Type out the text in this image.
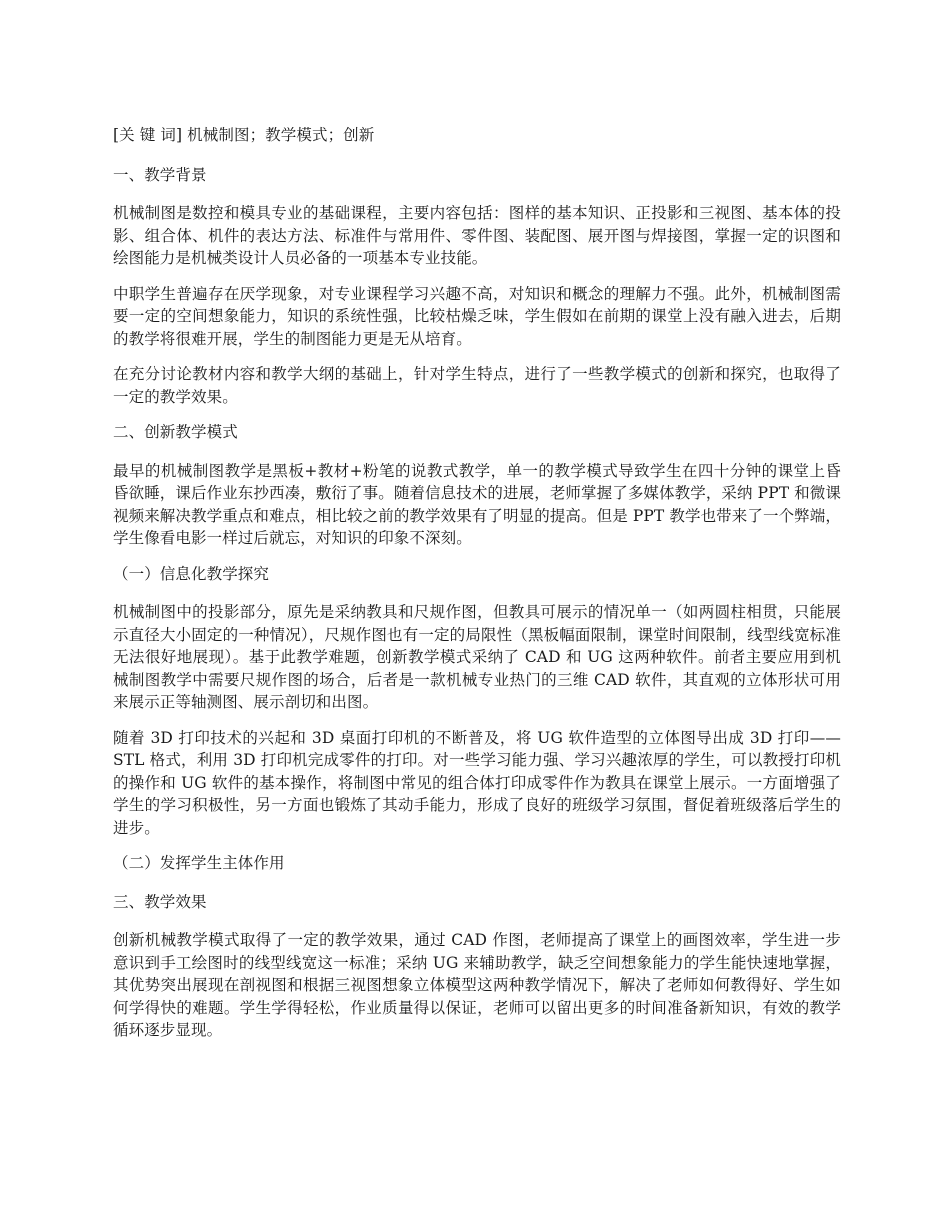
[关 键 词] 机械制图；教学模式；创新

一、教学背景

机械制图是数控和模具专业的基础课程，主要内容包括：图样的基本知识、正投影和三视图、基本体的投影、组合体、机件的表达方法、标准件与常用件、零件图、装配图、展开图与焊接图，掌握一定的识图和绘图能力是机械类设计人员必备的一项基本专业技能。

中职学生普遍存在厌学现象，对专业课程学习兴趣不高，对知识和概念的理解力不强。此外，机械制图需要一定的空间想象能力，知识的系统性强，比较枯燥乏味，学生假如在前期的课堂上没有融入进去，后期的教学将很难开展，学生的制图能力更是无从培育。

在充分讨论教材内容和教学大纲的基础上，针对学生特点，进行了一些教学模式的创新和探究，也取得了一定的教学效果。

二、创新教学模式

最早的机械制图教学是黑板+教材+粉笔的说教式教学，单一的教学模式导致学生在四十分钟的课堂上昏昏欲睡，课后作业东抄西凑，敷衍了事。随着信息技术的进展，老师掌握了多媒体教学，采纳 PPT 和微课视频来解决教学重点和难点，相比较之前的教学效果有了明显的提高。但是 PPT 教学也带来了一个弊端，学生像看电影一样过后就忘，对知识的印象不深刻。

（一）信息化教学探究

机械制图中的投影部分，原先是采纳教具和尺规作图，但教具可展示的情况单一（如两圆柱相贯，只能展示直径大小固定的一种情况），尺规作图也有一定的局限性（黑板幅面限制，课堂时间限制，线型线宽标准无法很好地展现）。基于此教学难题，创新教学模式采纳了 CAD 和 UG 这两种软件。前者主要应用到机械制图教学中需要尺规作图的场合，后者是一款机械专业热门的三维 CAD 软件，其直观的立体形状可用来展示正等轴测图、展示剖切和出图。

随着 3D 打印技术的兴起和 3D 桌面打印机的不断普及，将 UG 软件造型的立体图导出成 3D 打印——STL 格式，利用 3D 打印机完成零件的打印。对一些学习能力强、学习兴趣浓厚的学生，可以教授打印机的操作和 UG 软件的基本操作，将制图中常见的组合体打印成零件作为教具在课堂上展示。一方面增强了学生的学习积极性，另一方面也锻炼了其动手能力，形成了良好的班级学习氛围，督促着班级落后学生的进步。

（二）发挥学生主体作用

三、教学效果

创新机械教学模式取得了一定的教学效果，通过 CAD 作图，老师提高了课堂上的画图效率，学生进一步意识到手工绘图时的线型线宽这一标准；采纳 UG 来辅助教学，缺乏空间想象能力的学生能快速地掌握，其优势突出展现在剖视图和根据三视图想象立体模型这两种教学情况下，解决了老师如何教得好、学生如何学得快的难题。学生学得轻松，作业质量得以保证，老师可以留出更多的时间准备新知识，有效的教学循环逐步显现。
